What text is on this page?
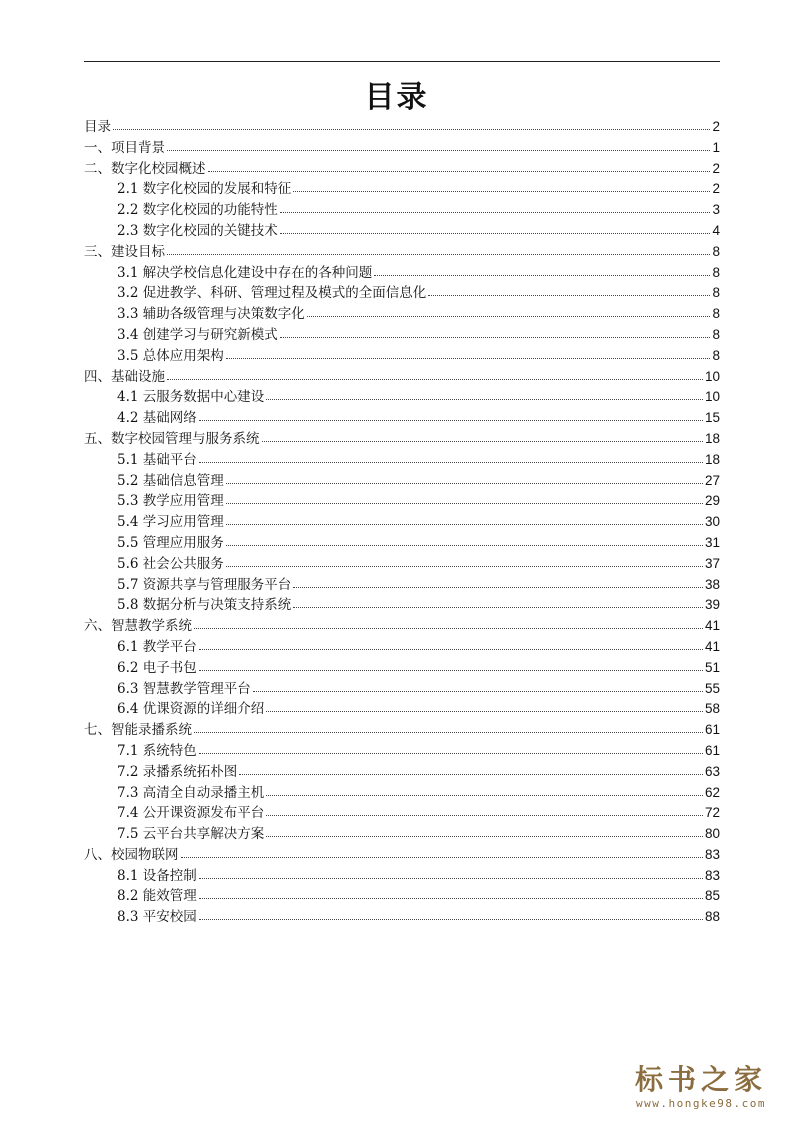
目录
目录	2
一、项目背景	1
二、数字化校园概述	2
2.1 数字化校园的发展和特征	2
2.2 数字化校园的功能特性	3
2.3 数字化校园的关键技术	4
三、建设目标	8
3.1 解决学校信息化建设中存在的各种问题	8
3.2 促进教学、科研、管理过程及模式的全面信息化	8
3.3 辅助各级管理与决策数字化	8
3.4 创建学习与研究新模式	8
3.5 总体应用架构	8
四、基础设施	10
4.1 云服务数据中心建设	10
4.2 基础网络	15
五、数字校园管理与服务系统	18
5.1 基础平台	18
5.2 基础信息管理	27
5.3 教学应用管理	29
5.4 学习应用管理	30
5.5 管理应用服务	31
5.6 社会公共服务	37
5.7 资源共享与管理服务平台	38
5.8 数据分析与决策支持系统	39
六、智慧教学系统	41
6.1 教学平台	41
6.2 电子书包	51
6.3 智慧教学管理平台	55
6.4 优课资源的详细介绍	58
七、智能录播系统	61
7.1 系统特色	61
7.2 录播系统拓朴图	63
7.3 高清全自动录播主机	62
7.4 公开课资源发布平台	72
7.5 云平台共享解决方案	80
八、校园物联网	83
8.1 设备控制	83
8.2 能效管理	85
8.3 平安校园	88
标书之家
www.hongke98.com
